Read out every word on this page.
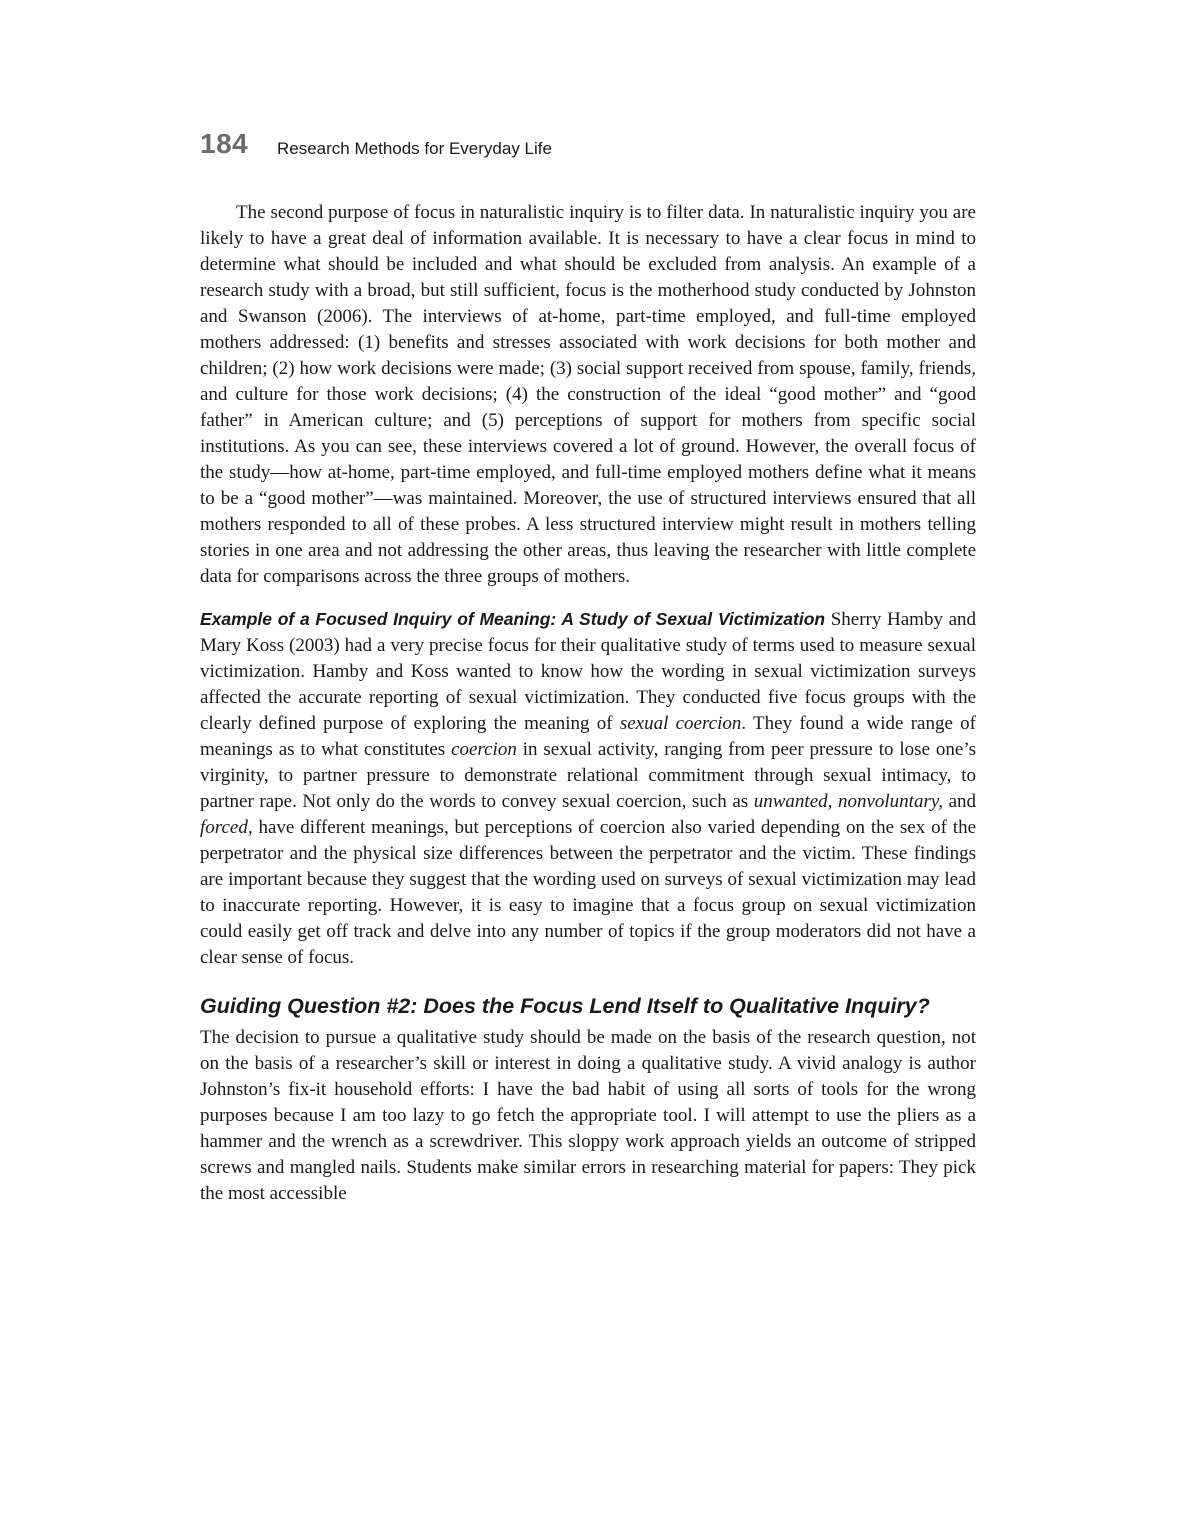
184 Research Methods for Everyday Life

The second purpose of focus in naturalistic inquiry is to filter data. In naturalistic inquiry you are likely to have a great deal of information available. It is necessary to have a clear focus in mind to determine what should be included and what should be excluded from analysis. An example of a research study with a broad, but still sufficient, focus is the motherhood study conducted by Johnston and Swanson (2006). The interviews of at-home, part-time employed, and full-time employed mothers addressed: (1) benefits and stresses associated with work decisions for both mother and children; (2) how work decisions were made; (3) social support received from spouse, family, friends, and culture for those work decisions; (4) the construction of the ideal “good mother” and “good father” in American culture; and (5) perceptions of support for mothers from specific social institutions. As you can see, these interviews covered a lot of ground. However, the overall focus of the study—how at-home, part-time employed, and full-time employed mothers define what it means to be a “good mother”—was maintained. Moreover, the use of structured interviews ensured that all mothers responded to all of these probes. A less structured interview might result in mothers telling stories in one area and not addressing the other areas, thus leaving the researcher with little complete data for comparisons across the three groups of mothers.

Example of a Focused Inquiry of Meaning: A Study of Sexual Victimization Sherry Hamby and Mary Koss (2003) had a very precise focus for their qualitative study of terms used to measure sexual victimization. Hamby and Koss wanted to know how the wording in sexual victimization surveys affected the accurate reporting of sexual victimization. They conducted five focus groups with the clearly defined purpose of exploring the meaning of sexual coercion. They found a wide range of meanings as to what constitutes coercion in sexual activity, ranging from peer pressure to lose one’s virginity, to partner pressure to demonstrate relational commitment through sexual intimacy, to partner rape. Not only do the words to convey sexual coercion, such as unwanted, nonvoluntary, and forced, have different meanings, but perceptions of coercion also varied depending on the sex of the perpetrator and the physical size differences between the perpetrator and the victim. These findings are important because they suggest that the wording used on surveys of sexual victimization may lead to inaccurate reporting. However, it is easy to imagine that a focus group on sexual victimization could easily get off track and delve into any number of topics if the group moderators did not have a clear sense of focus.

Guiding Question #2: Does the Focus Lend Itself to Qualitative Inquiry?

The decision to pursue a qualitative study should be made on the basis of the research question, not on the basis of a researcher’s skill or interest in doing a qualitative study. A vivid analogy is author Johnston’s fix-it household efforts: I have the bad habit of using all sorts of tools for the wrong purposes because I am too lazy to go fetch the appropriate tool. I will attempt to use the pliers as a hammer and the wrench as a screwdriver. This sloppy work approach yields an outcome of stripped screws and mangled nails. Students make similar errors in researching material for papers: They pick the most accessible
